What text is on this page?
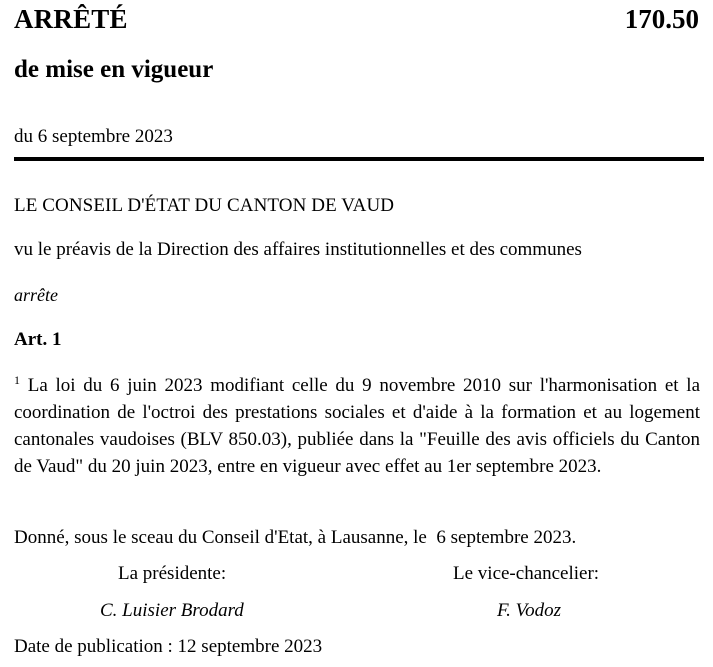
ARRÊTÉ	170.50
de mise en vigueur
du 6 septembre 2023
LE CONSEIL D'ÉTAT DU CANTON DE VAUD
vu le préavis de la Direction des affaires institutionnelles et des communes
arrête
Art. 1
$^1$ La loi du 6 juin 2023 modifiant celle du 9 novembre 2010 sur l'harmonisation et la coordination de l'octroi des prestations sociales et d'aide à la formation et au logement cantonales vaudoises (BLV 850.03), publiée dans la "Feuille des avis officiels du Canton de Vaud" du 20 juin 2023, entre en vigueur avec effet au 1er septembre 2023.
Donné, sous le sceau du Conseil d'Etat, à Lausanne, le  6 septembre 2023.
La présidente:	Le vice-chancelier:
C. Luisier Brodard	F. Vodoz
Date de publication : 12 septembre 2023
